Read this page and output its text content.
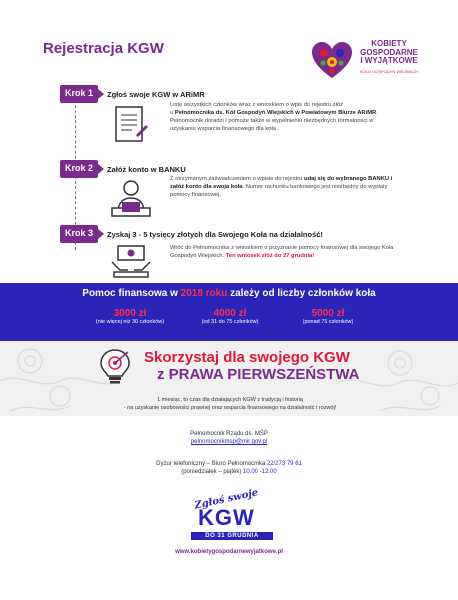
Rejestracja KGW	KOBIETY
GOSPODARNE
I WYJĄTKOWE
KOŁO GOSPODYŃ WIEJSKICH
Krok 1	Zgłoś swoje KGW w ARiMR
Listę wszystkich członków wraz z wnioskiem o wpis do rejestru złóż
u Pełnomocnika ds. Kół Gospodyń Wiejskich w Powiatowym Biurze ARiMR. Pełnomocnik doradzi i pomoże także w wypełnieniu niezbędnych formalności w uzyskaniu wsparcia finansowego dla koła .
Krok 2	Załóż konto w BANKU
Z otrzymanym zaświadczeniem o wpisie do rejestru udaj się do wybranego BANKU i załóż konto dla swoja koła. Numer rachunku bankowego jest niezbędny do wypłaty pomocy finansowej.
Krok 3	Zyskaj 3 - 5 tysięcy złotych dla Swojego Koła na działalność!
Wróć do Pełnomocnika z wnioskiem o przyznanie pomocy finansowej dla swojego Koła Gospodyń Wiejskich. Ten wniosek złóż do 27 grudnia!
Pomoc finansowa w 2018 roku zależy od liczby członków koła
3000 zł
(nie więcej niż 30 członków)
4000 zł
(od 31 do 75 członków)
5000 zł
(ponad 75 członków)
Skorzystaj dla swojego KGW
z PRAWA PIERWSZEŃSTWA
1 miesiąc, to czas dla działających KGW z tradycją i historią
- na uzyskanie osobowości prawnej oraz wsparcia finansowego na działalność i rozwój!
Pełnomocnik Rządu ds. MŚP
pelnomocnikmsp@mir.gov.pl
Dyżur telefoniczny – Biuro Pełnomocnika 22/273 79 61
(poniedziałek – piątek) 10.00 -12.00
Zgłoś swoje
KGW
DO 31 GRUDNIA
www.kobietygospodarnewyjatkowe.pl
